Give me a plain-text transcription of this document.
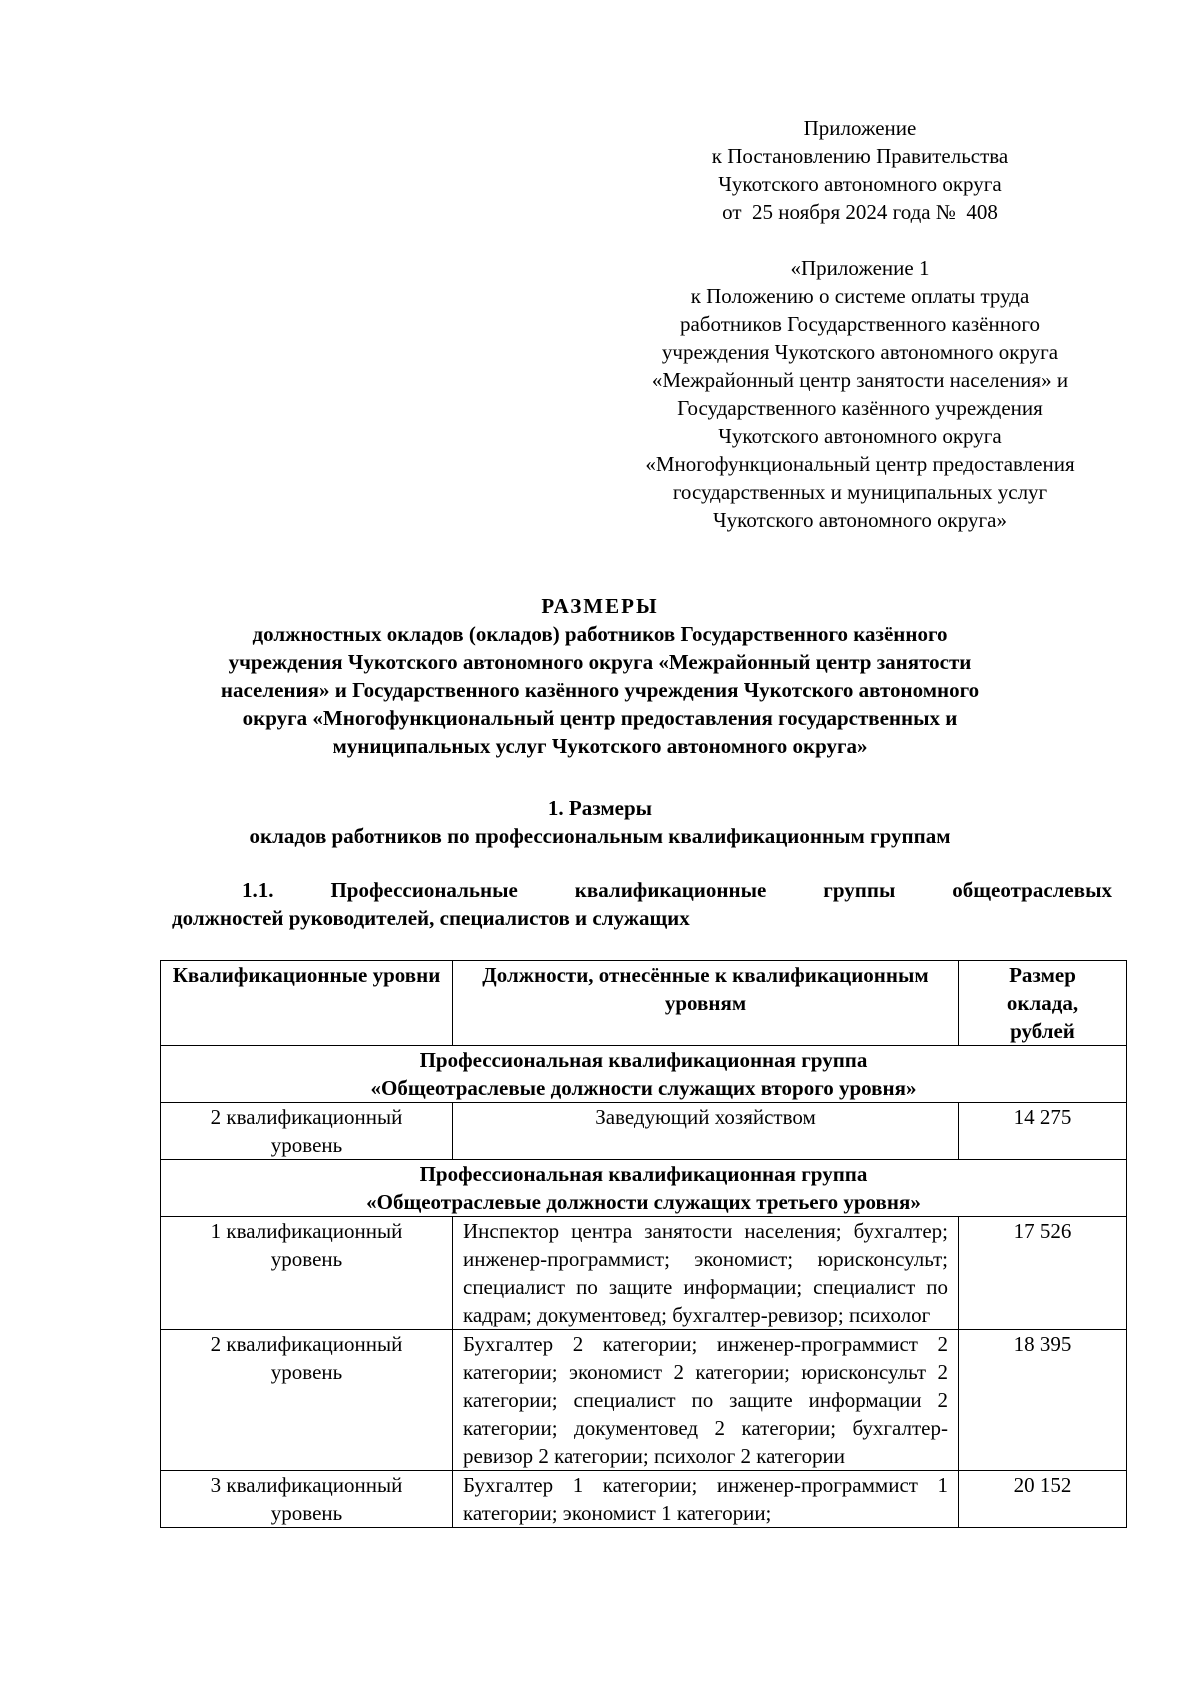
Приложение
к Постановлению Правительства
Чукотского автономного округа
от  25 ноября 2024 года №  408
«Приложение 1
к Положению о системе оплаты труда
работников Государственного казённого
учреждения Чукотского автономного округа
«Межрайонный центр занятости населения» и
Государственного казённого учреждения
Чукотского автономного округа
«Многофункциональный центр предоставления
государственных и муниципальных услуг
Чукотского автономного округа»
РАЗМЕРЫ
должностных окладов (окладов) работников Государственного казённого
учреждения Чукотского автономного округа «Межрайонный центр занятости
населения» и Государственного казённого учреждения Чукотского автономного
округа «Многофункциональный центр предоставления государственных и
муниципальных услуг Чукотского автономного округа»
1. Размеры
окладов работников по профессиональным квалификационным группам
1.1. Профессиональные квалификационные группы общеотраслевых
должностей руководителей, специалистов и служащих
Квалификационные уровни	Должности, отнесённые к квалификационным уровням	Размер оклада, рублей
Профессиональная квалификационная группа «Общеотраслевые должности служащих второго уровня»		
2 квалификационный уровень	Заведующий хозяйством	14 275

Профессиональная квалификационная группа
«Общеотраслевые должности служащих третьего уровня»		

1 квалификационный уровень	Инспектор центра занятости населения; бухгалтер; инженер-программист; экономист; юрисконсульт; специалист по защите информации; специалист по кадрам; документовед; бухгалтер-ревизор; психолог	17 526
2 квалификационный уровень	Бухгалтер 2 категории; инженер-программист 2 категории; экономист 2 категории; юрисконсульт 2 категории; специалист по защите информации 2 категории; документовед 2 категории; бухгалтер-ревизор 2 категории; психолог 2 категории	18 395
3 квалификационный уровень	Бухгалтер 1 категории; инженер-программист 1 категории; экономист 1 категории;	20 152
